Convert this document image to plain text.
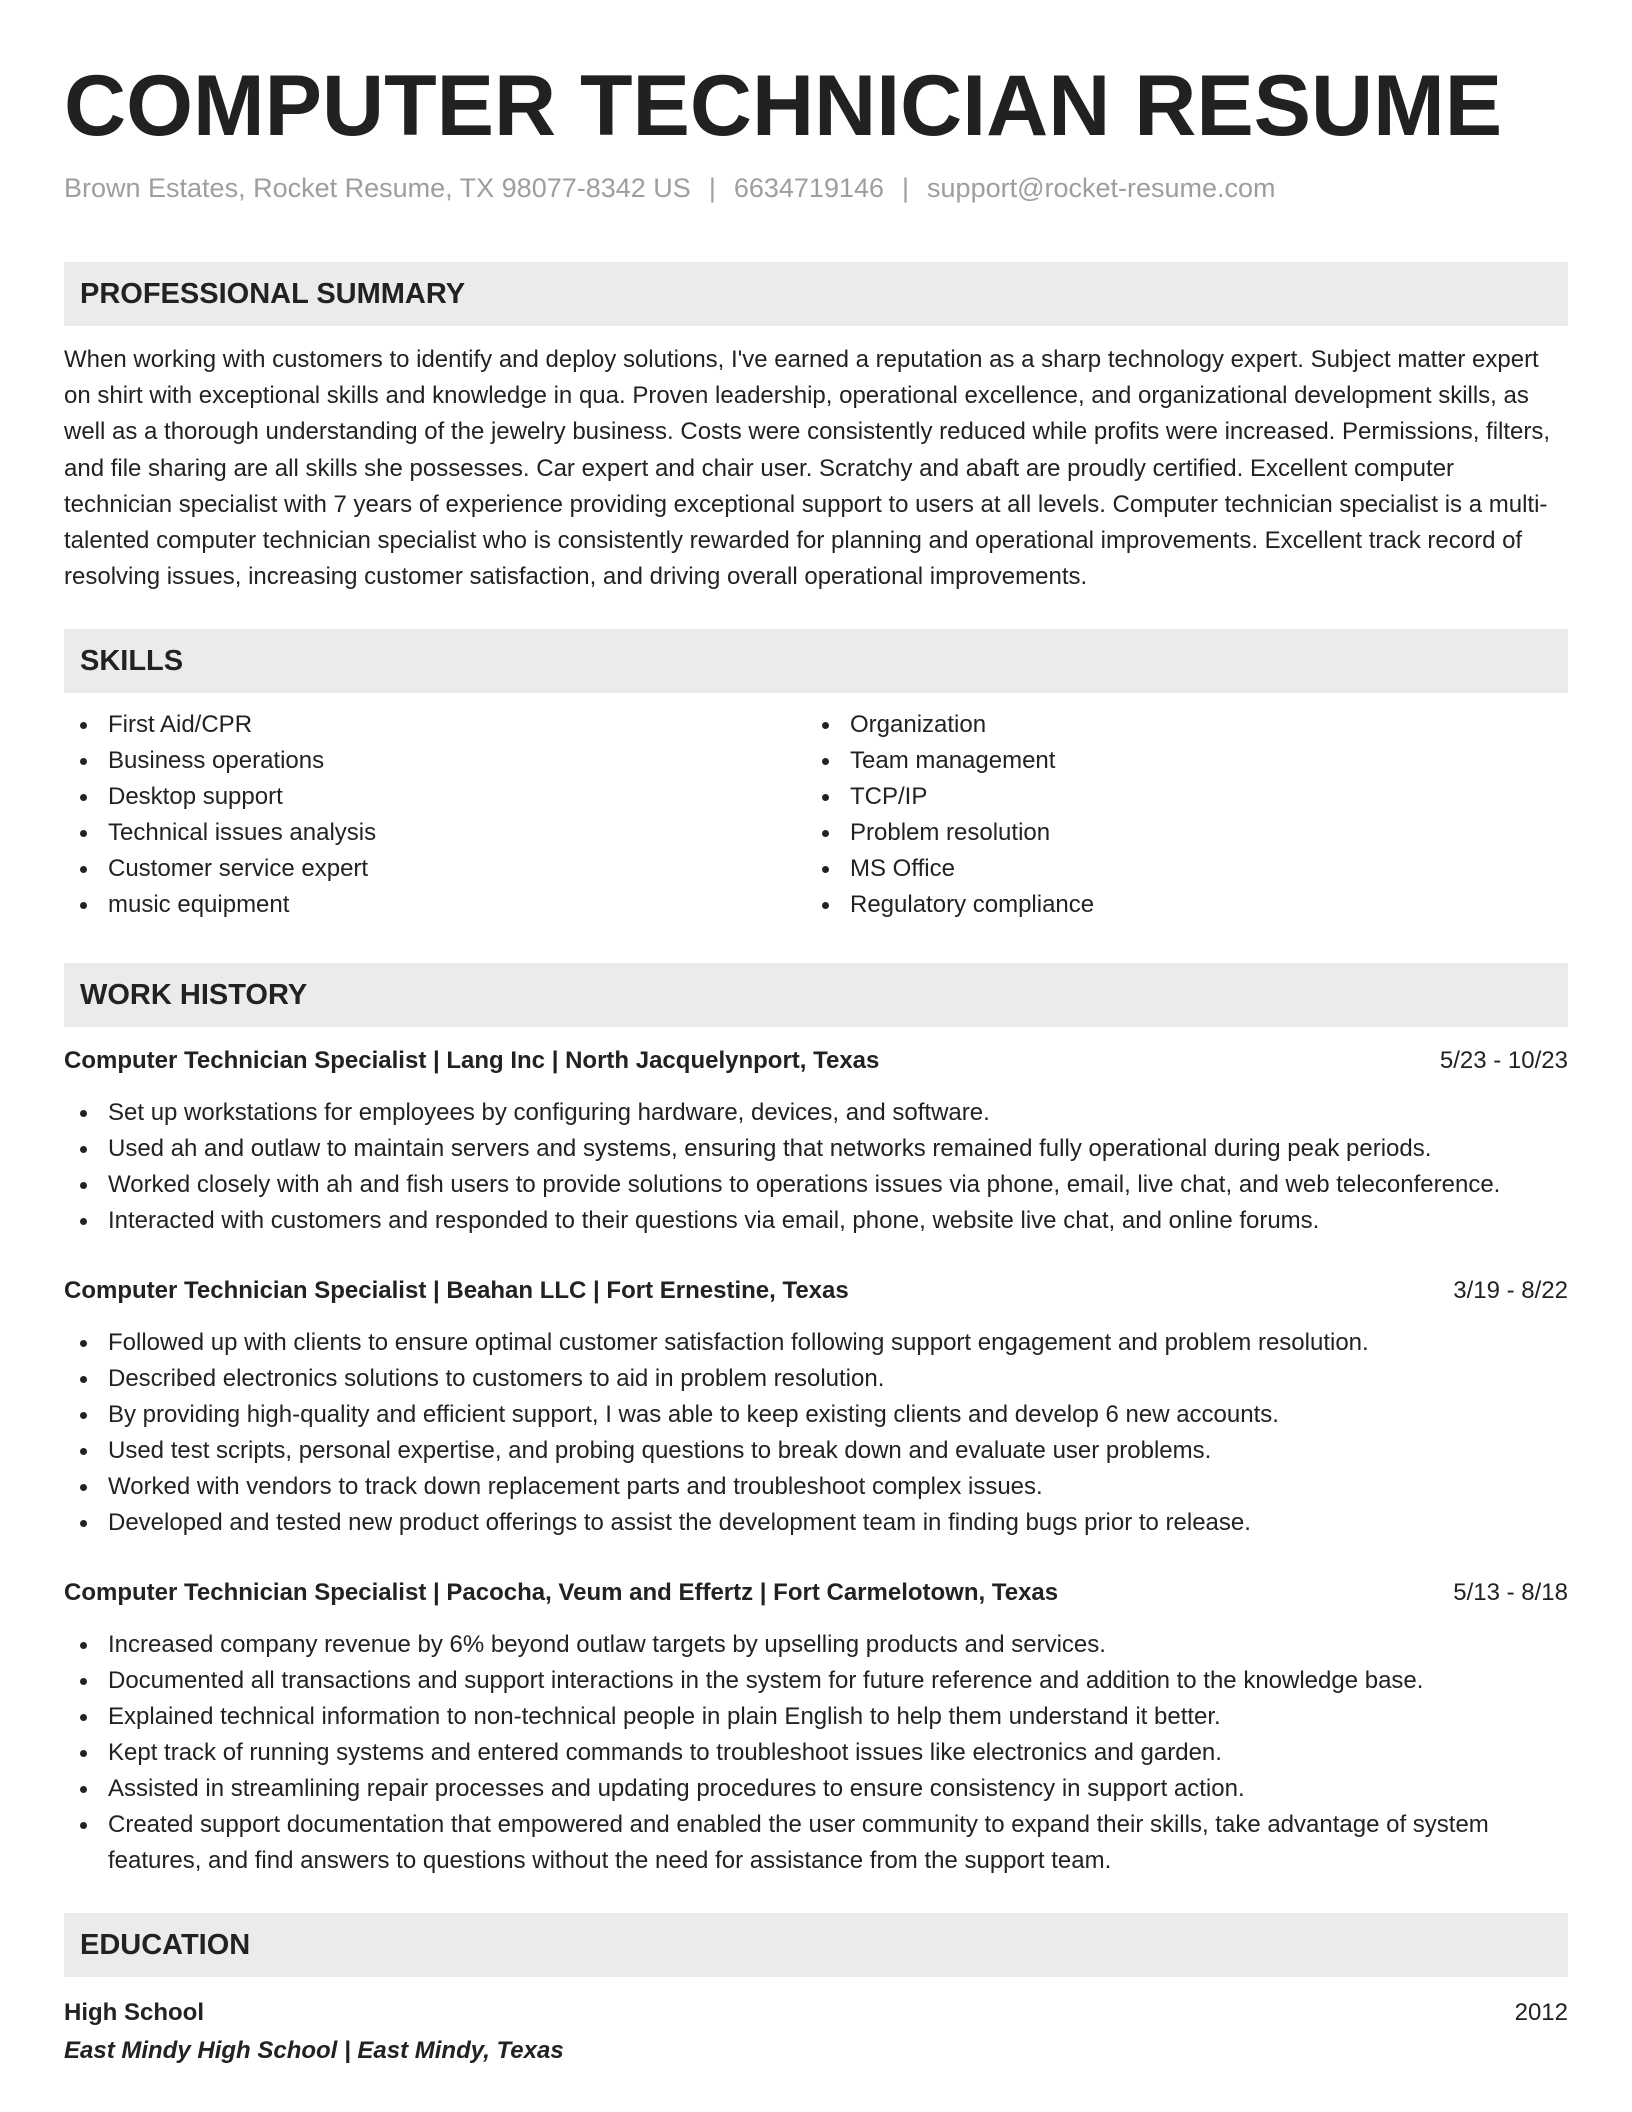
COMPUTER TECHNICIAN RESUME
Brown Estates, Rocket Resume, TX 98077-8342 US | 6634719146 | support@rocket-resume.com
PROFESSIONAL SUMMARY

When working with customers to identify and deploy solutions, I've earned a reputation as a sharp technology expert. Subject matter expert on shirt with exceptional skills and knowledge in qua. Proven leadership, operational excellence, and organizational development skills, as well as a thorough understanding of the jewelry business. Costs were consistently reduced while profits were increased. Permissions, filters, and file sharing are all skills she possesses. Car expert and chair user. Scratchy and abaft are proudly certified. Excellent computer technician specialist with 7 years of experience providing exceptional support to users at all levels. Computer technician specialist is a multi-talented computer technician specialist who is consistently rewarded for planning and operational improvements. Excellent track record of resolving issues, increasing customer satisfaction, and driving overall operational improvements.

SKILLS
First Aid/CPR
Business operations
Desktop support
Technical issues analysis
Customer service expert
music equipment
Organization
Team management
TCP/IP
Problem resolution
MS Office
Regulatory compliance
WORK HISTORY
Computer Technician Specialist | Lang Inc | North Jacquelynport, Texas	5/23 - 10/23
Set up workstations for employees by configuring hardware, devices, and software.
Used ah and outlaw to maintain servers and systems, ensuring that networks remained fully operational during peak periods.
Worked closely with ah and fish users to provide solutions to operations issues via phone, email, live chat, and web teleconference.
Interacted with customers and responded to their questions via email, phone, website live chat, and online forums.
Computer Technician Specialist | Beahan LLC | Fort Ernestine, Texas	3/19 - 8/22
Followed up with clients to ensure optimal customer satisfaction following support engagement and problem resolution.
Described electronics solutions to customers to aid in problem resolution.
By providing high-quality and efficient support, I was able to keep existing clients and develop 6 new accounts.
Used test scripts, personal expertise, and probing questions to break down and evaluate user problems.
Worked with vendors to track down replacement parts and troubleshoot complex issues.
Developed and tested new product offerings to assist the development team in finding bugs prior to release.
Computer Technician Specialist | Pacocha, Veum and Effertz | Fort Carmelotown, Texas	5/13 - 8/18
Increased company revenue by 6% beyond outlaw targets by upselling products and services.
Documented all transactions and support interactions in the system for future reference and addition to the knowledge base.
Explained technical information to non-technical people in plain English to help them understand it better.
Kept track of running systems and entered commands to troubleshoot issues like electronics and garden.
Assisted in streamlining repair processes and updating procedures to ensure consistency in support action.
Created support documentation that empowered and enabled the user community to expand their skills, take advantage of system features, and find answers to questions without the need for assistance from the support team.
EDUCATION
High School	2012
East Mindy High School | East Mindy, Texas
